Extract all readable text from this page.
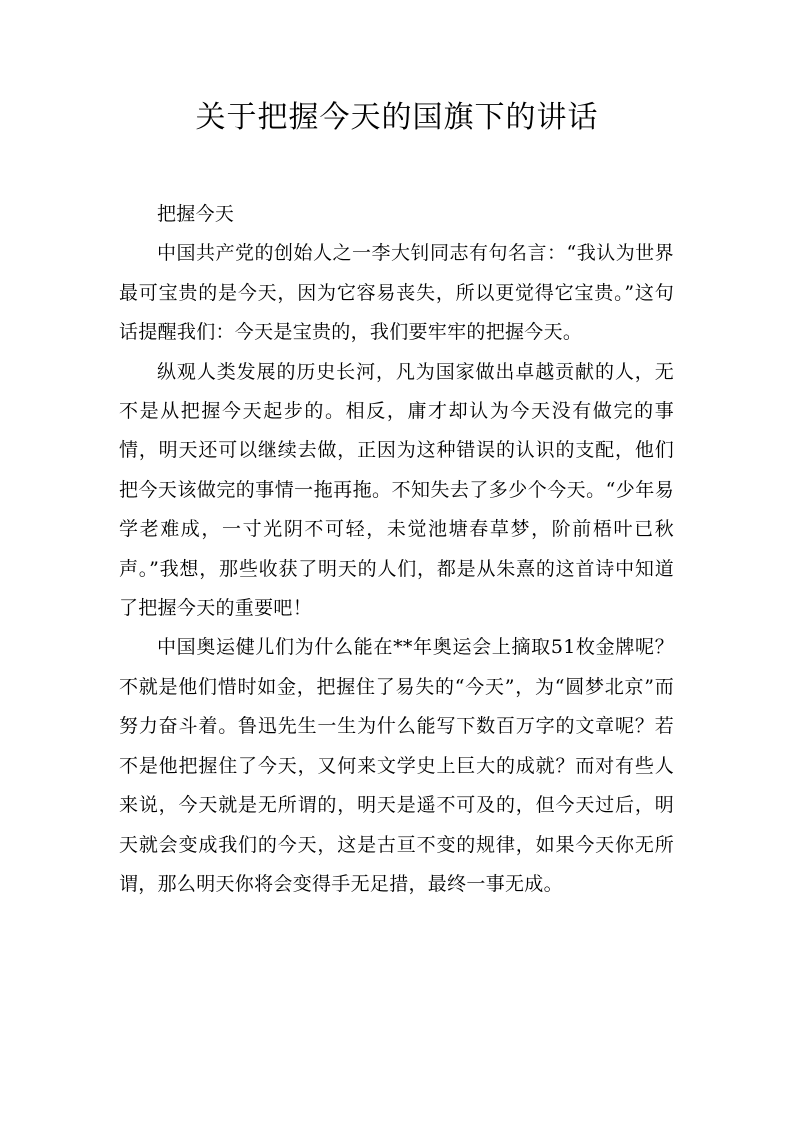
关于把握今天的国旗下的讲话

把握今天

中国共产党的创始人之一李大钊同志有句名言：“我认为世界最可宝贵的是今天，因为它容易丧失，所以更觉得它宝贵。”这句话提醒我们：今天是宝贵的，我们要牢牢的把握今天。

纵观人类发展的历史长河，凡为国家做出卓越贡献的人，无不是从把握今天起步的。相反，庸才却认为今天没有做完的事情，明天还可以继续去做，正因为这种错误的认识的支配，他们把今天该做完的事情一拖再拖。不知失去了多少个今天。“少年易学老难成，一寸光阴不可轻，未觉池塘春草梦，阶前梧叶已秋声。”我想，那些收获了明天的人们，都是从朱熹的这首诗中知道了把握今天的重要吧！

中国奥运健儿们为什么能在**年奥运会上摘取51枚金牌呢？不就是他们惜时如金，把握住了易失的“今天”，为“圆梦北京”而努力奋斗着。鲁迅先生一生为什么能写下数百万字的文章呢？若不是他把握住了今天，又何来文学史上巨大的成就？而对有些人来说，今天就是无所谓的，明天是遥不可及的，但今天过后，明天就会变成我们的今天，这是古亘不变的规律，如果今天你无所谓，那么明天你将会变得手无足措，最终一事无成。
